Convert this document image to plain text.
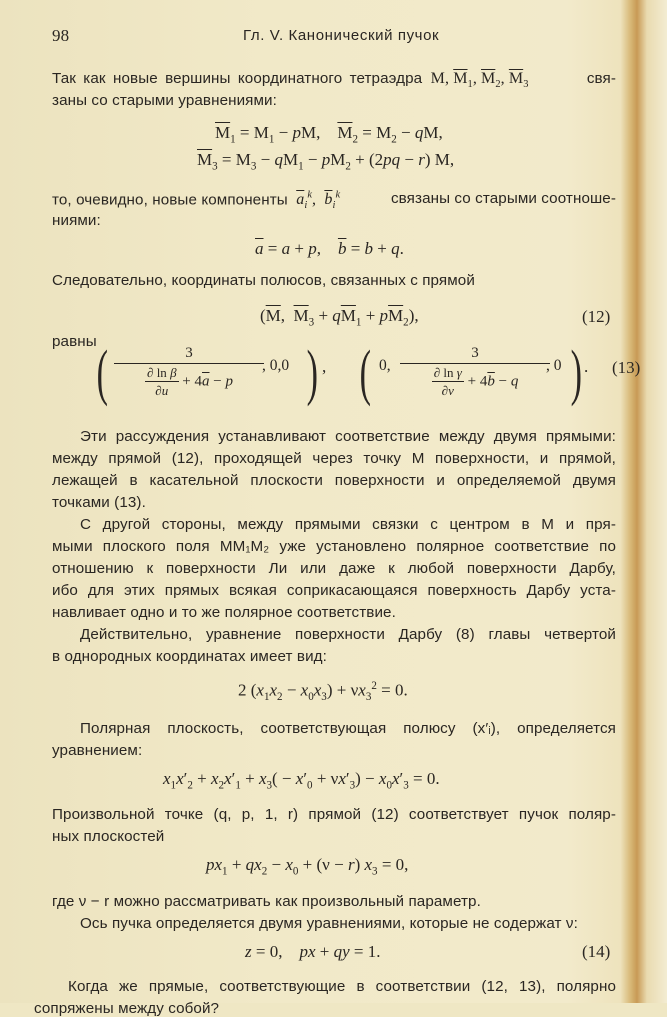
98	Гл. V. Канонический пучок
Так как новые вершины координатного тетраэдра  M, $\overline{M}_1$, $\overline{M}_2$, $\overline{M}_3$	свя-
заны со старыми уравнениями:
$\overline{M}_1 = M_1$ − pM,    $\overline{M}_2 = M_2$ − qM,
$\overline{M}_3 = M_3 - qM_1 - pM_2 + (2pq - r)$ M,
то, очевидно, новые компоненты $\overline{a}_i^k$,  $\overline{b}_i^k$	связаны со старыми соотноше-
ниями:
$\overline{a} = a + p$,    $\overline{b} = b + q$.
Следовательно, координаты полюсов, связанных с прямой
($\overline{M}$,  $\overline{M}_3 + q\overline{M}_1 + p\overline{M}_2$),	(12)
равны ( $\frac{3}{\frac{\text{∂ ln β}}{\partial u} + 4\overline{a} - p}$
, 0,0 ) , ( 0, $\frac{3}{\frac{\text{∂ ln γ}}{\partial v} + 4\overline{b} - q}$
, 0 ) . (13)
Эти рассуждения устанавливают соответствие между двумя прямыми:
между прямой (12), проходящей через точку M поверхности, и прямой,
лежащей в касательной плоскости поверхности и определяемой двумя
точками (13).
С другой стороны, между прямыми связки с центром в M и пря-
мыми плоского поля MM₁M₂ уже установлено полярное соответствие по
отношению к поверхности Ли или даже к любой поверхности Дарбу,
ибо для этих прямых всякая соприкасающаяся поверхность Дарбу уста-
навливает одно и то же полярное соответствие.
Действительно, уравнение поверхности Дарбу (8) главы четвертой
в однородных координатах имеет вид:
2 $(x_1x_2 - x_0x_3) + \nu x_3^2 = 0$.
Полярная плоскость, соответствующая полюсу (x′ᵢ), определяется
уравнением:
$x_1x'_2 + x_2x'_1 + x_3( - x'_0 + \nu x'_3) - x_0x'_3 = 0$.
Произвольной точке (q, p, 1, r) прямой (12) соответствует пучок поляр-
ных плоскостей
$px_1 + qx_2 - x_0 + (\nu - r) x_3 = 0$,
где ν − r можно рассматривать как произвольный параметр.
Ось пучка определяется двумя уравнениями, которые не содержат ν:
z = 0,    px + qy = 1.	(14)
Когда же прямые, соответствующие в соответствии (12, 13), полярно
сопряжены между собой?
